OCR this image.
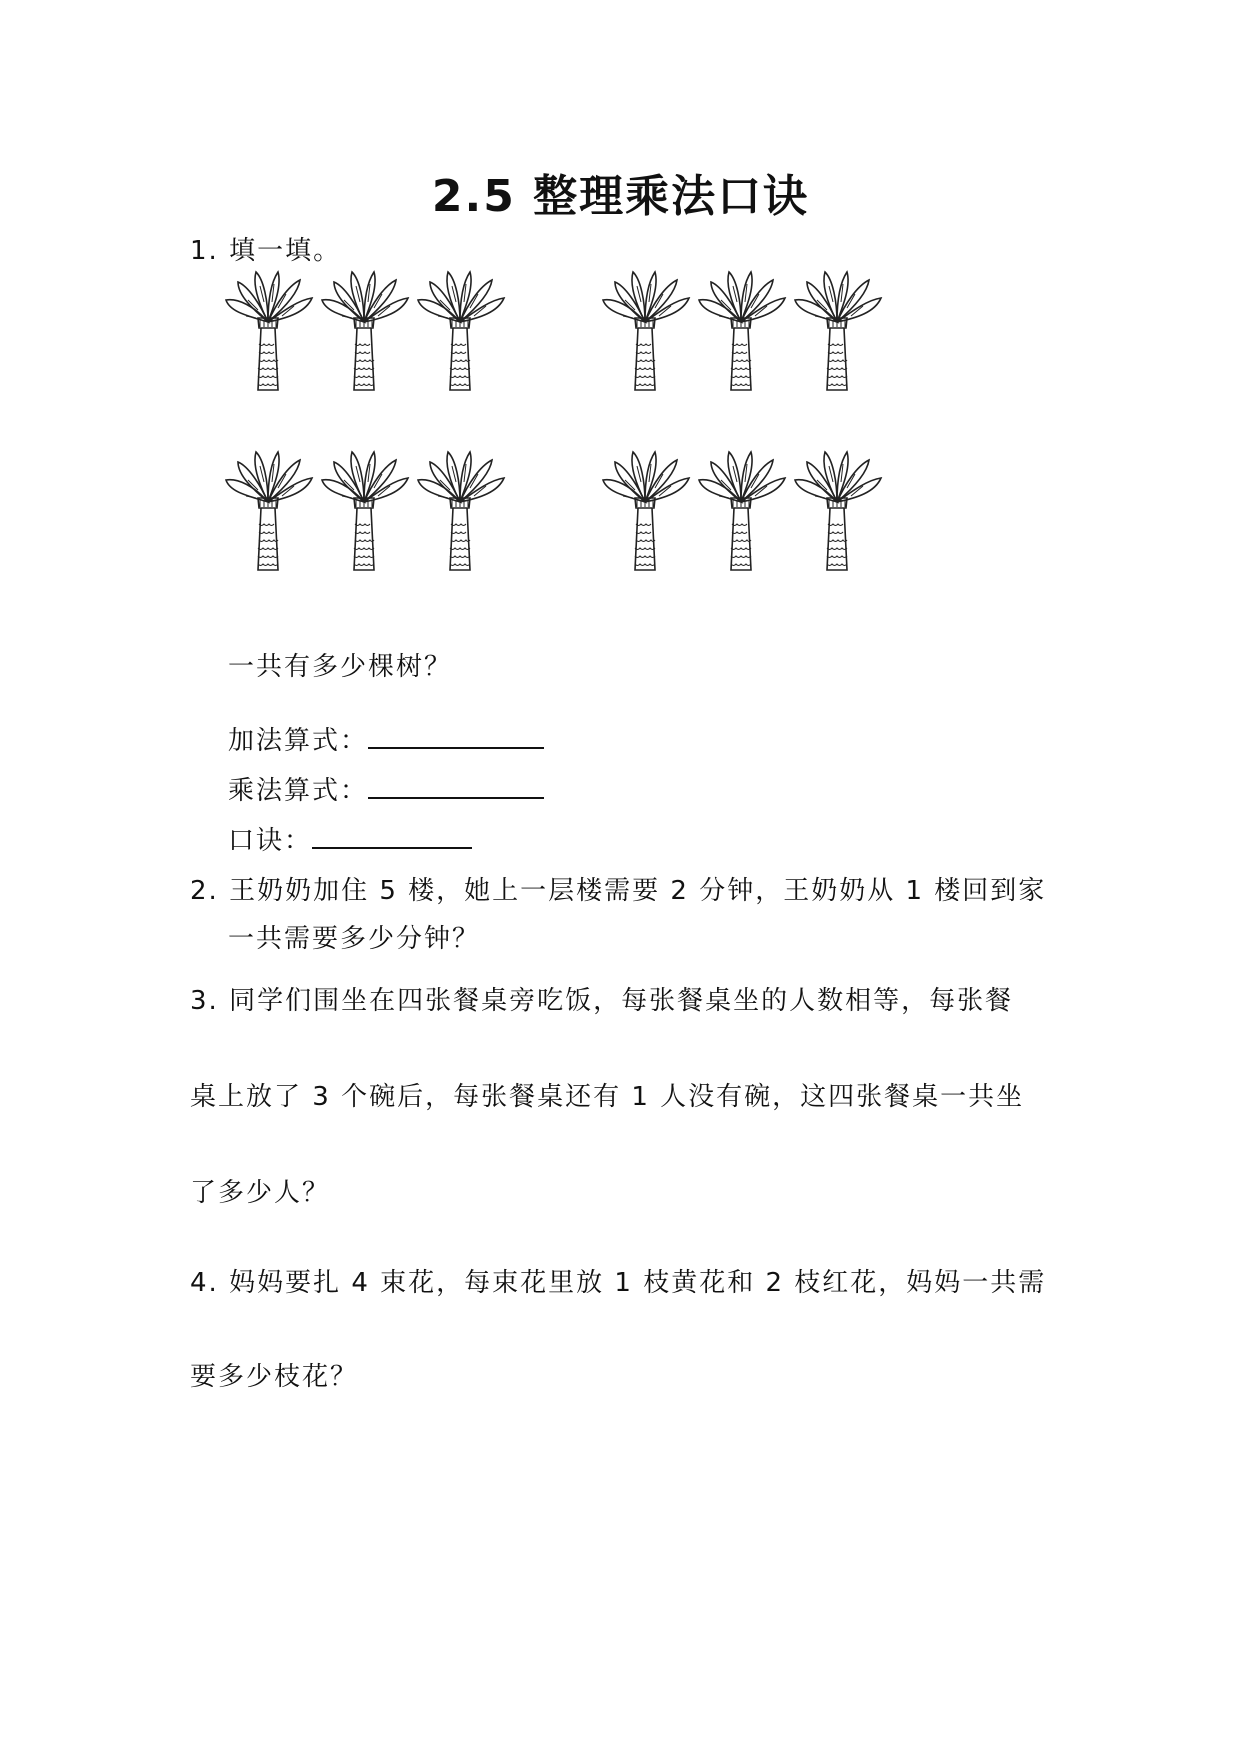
2.5 整理乘法口诀
1. 填一填。
一共有多少棵树？
加法算式：
乘法算式：
口诀：
2. 王奶奶加住 5 楼，她上一层楼需要 2 分钟，王奶奶从 1 楼回到家
一共需要多少分钟？
3. 同学们围坐在四张餐桌旁吃饭，每张餐桌坐的人数相等，每张餐
桌上放了 3 个碗后，每张餐桌还有 1 人没有碗，这四张餐桌一共坐
了多少人？
4. 妈妈要扎 4 束花，每束花里放 1 枝黄花和 2 枝红花，妈妈一共需
要多少枝花？
